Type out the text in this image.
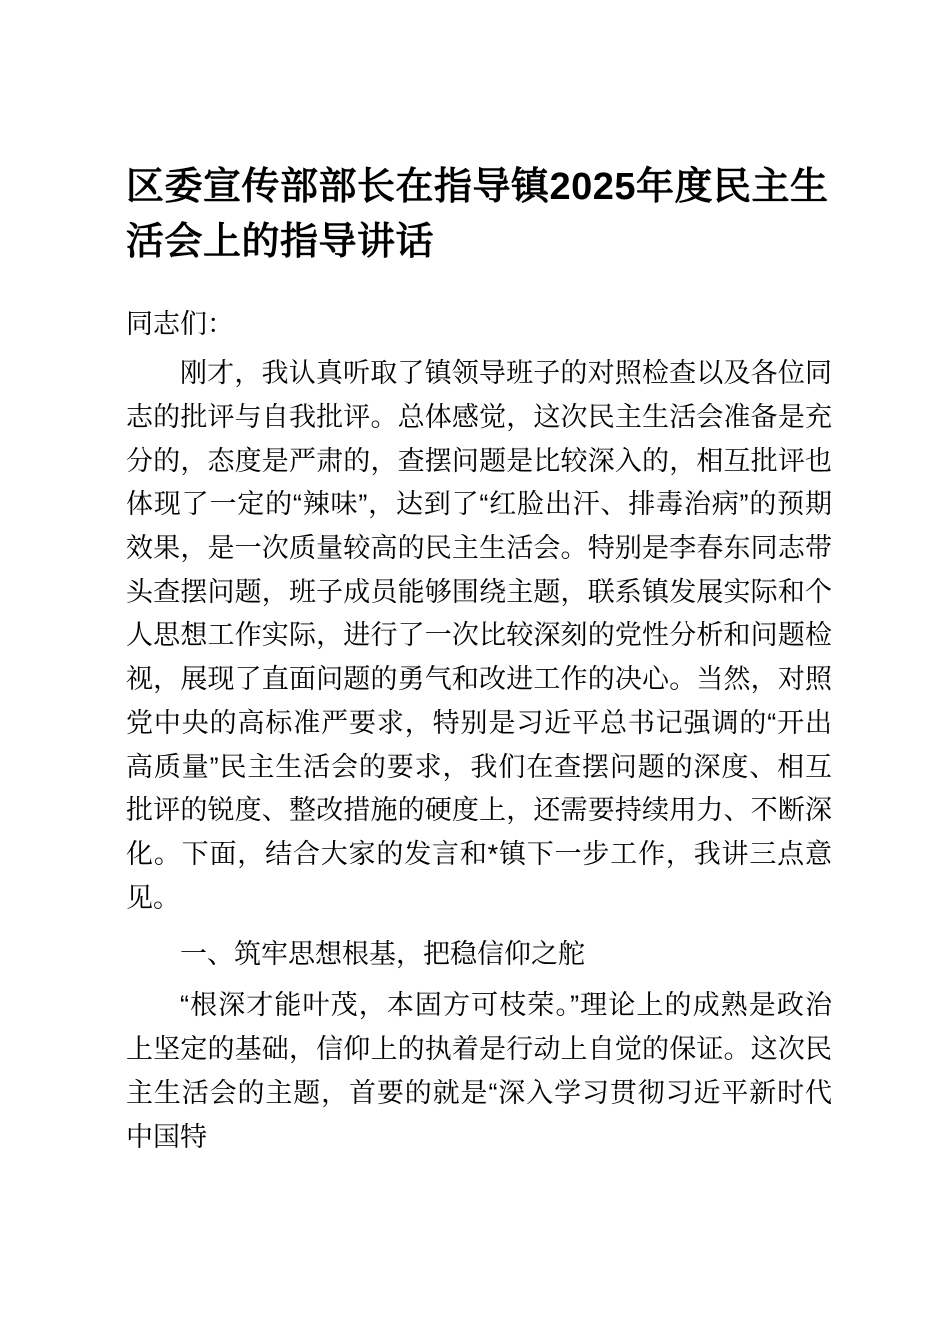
区委宣传部部长在指导镇2025年度民主生活会上的指导讲话
同志们：

刚才，我认真听取了镇领导班子的对照检查以及各位同志的批评与自我批评。总体感觉，这次民主生活会准备是充分的，态度是严肃的，查摆问题是比较深入的，相互批评也体现了一定的“辣味”，达到了“红脸出汗、排毒治病”的预期效果，是一次质量较高的民主生活会。特别是李春东同志带头查摆问题，班子成员能够围绕主题，联系镇发展实际和个人思想工作实际，进行了一次比较深刻的党性分析和问题检视，展现了直面问题的勇气和改进工作的决心。当然，对照党中央的高标准严要求，特别是习近平总书记强调的“开出高质量”民主生活会的要求，我们在查摆问题的深度、相互批评的锐度、整改措施的硬度上，还需要持续用力、不断深化。下面，结合大家的发言和*镇下一步工作，我讲三点意见。

一、筑牢思想根基，把稳信仰之舵

“根深才能叶茂，本固方可枝荣。”理论上的成熟是政治上坚定的基础，信仰上的执着是行动上自觉的保证。这次民主生活会的主题，首要的就是“深入学习贯彻习近平新时代中国特
